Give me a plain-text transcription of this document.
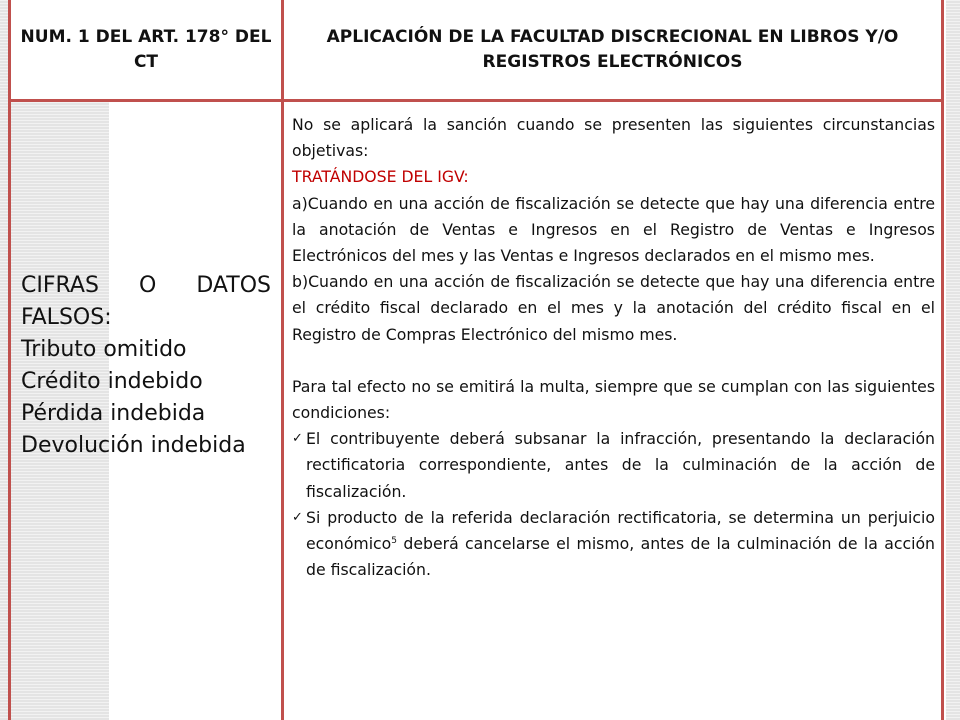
NUM. 1 DEL ART. 178° DEL CT
APLICACIÓN DE LA FACULTAD DISCRECIONAL EN LIBROS Y/O REGISTROS ELECTRÓNICOS
CIFRAS O DATOS
FALSOS:
Tributo omitido
Crédito indebido
Pérdida indebida
Devolución indebida

No se aplicará la sanción cuando se presenten las siguientes circunstancias objetivas:

TRATÁNDOSE DEL IGV:

a)Cuando en una acción de fiscalización se detecte que hay una diferencia entre la anotación de Ventas e Ingresos en el Registro de Ventas e Ingresos Electrónicos del mes y las Ventas e Ingresos declarados en el mismo mes.

b)Cuando en una acción de fiscalización se detecte que hay una diferencia entre el crédito fiscal declarado en el mes y la anotación del crédito fiscal en el Registro de Compras Electrónico del mismo mes.

Para tal efecto no se emitirá la multa, siempre que se cumplan con las siguientes condiciones:

✓ El contribuyente deberá subsanar la infracción, presentando la declaración rectificatoria correspondiente, antes de la culminación de la acción de fiscalización.
✓ Si producto de la referida declaración rectificatoria, se determina un perjuicio económico$^5$ deberá cancelarse el mismo, antes de la culminación de la acción de fiscalización.
